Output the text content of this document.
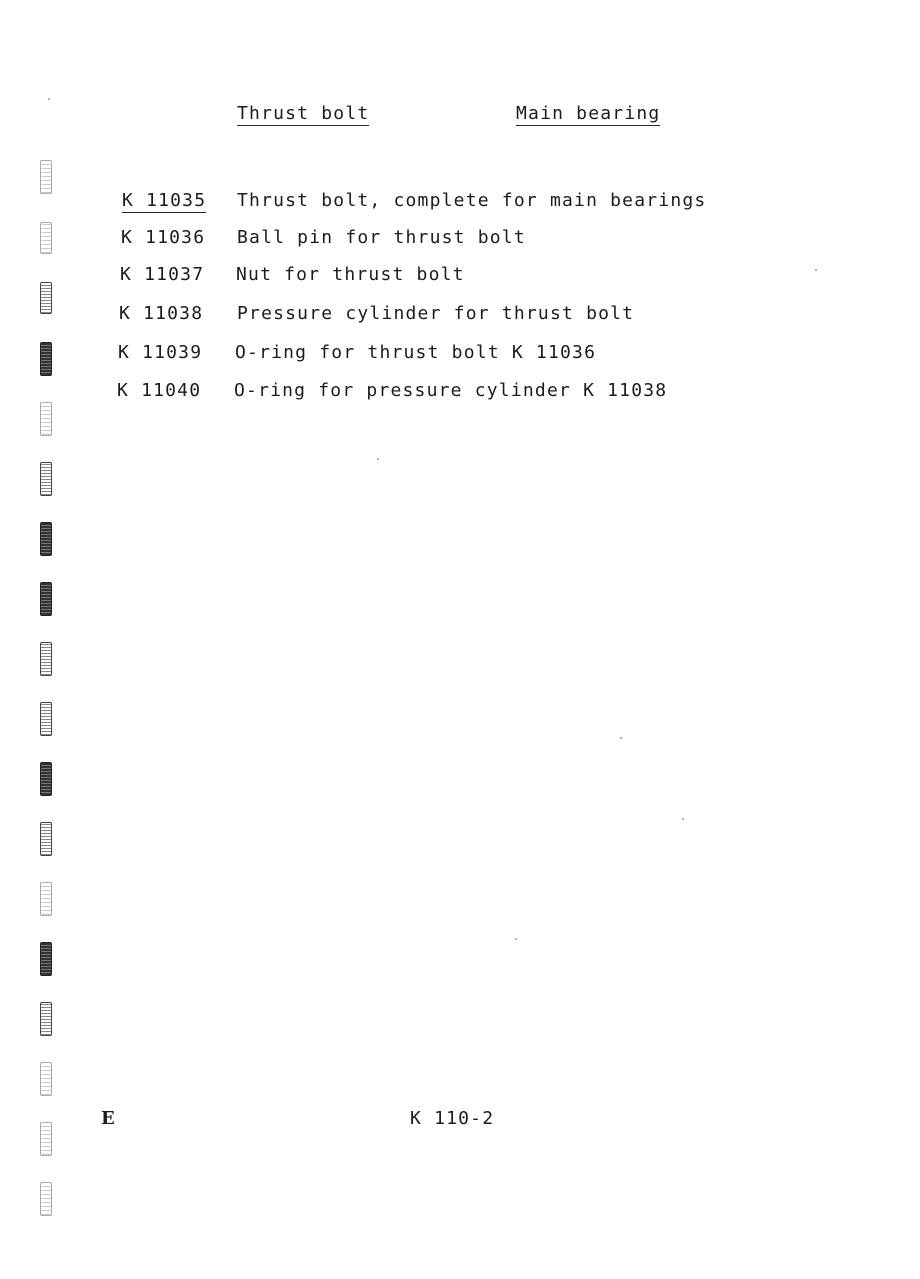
Thrust bolt	Main bearing
K 11035 Thrust bolt, complete for main bearings
K 11036 Ball pin for thrust bolt
K 11037 Nut for thrust bolt
K 11038 Pressure cylinder for thrust bolt
K 11039 O-ring for thrust bolt K 11036
K 11040 O-ring for pressure cylinder K 11038
E	K 110-2
